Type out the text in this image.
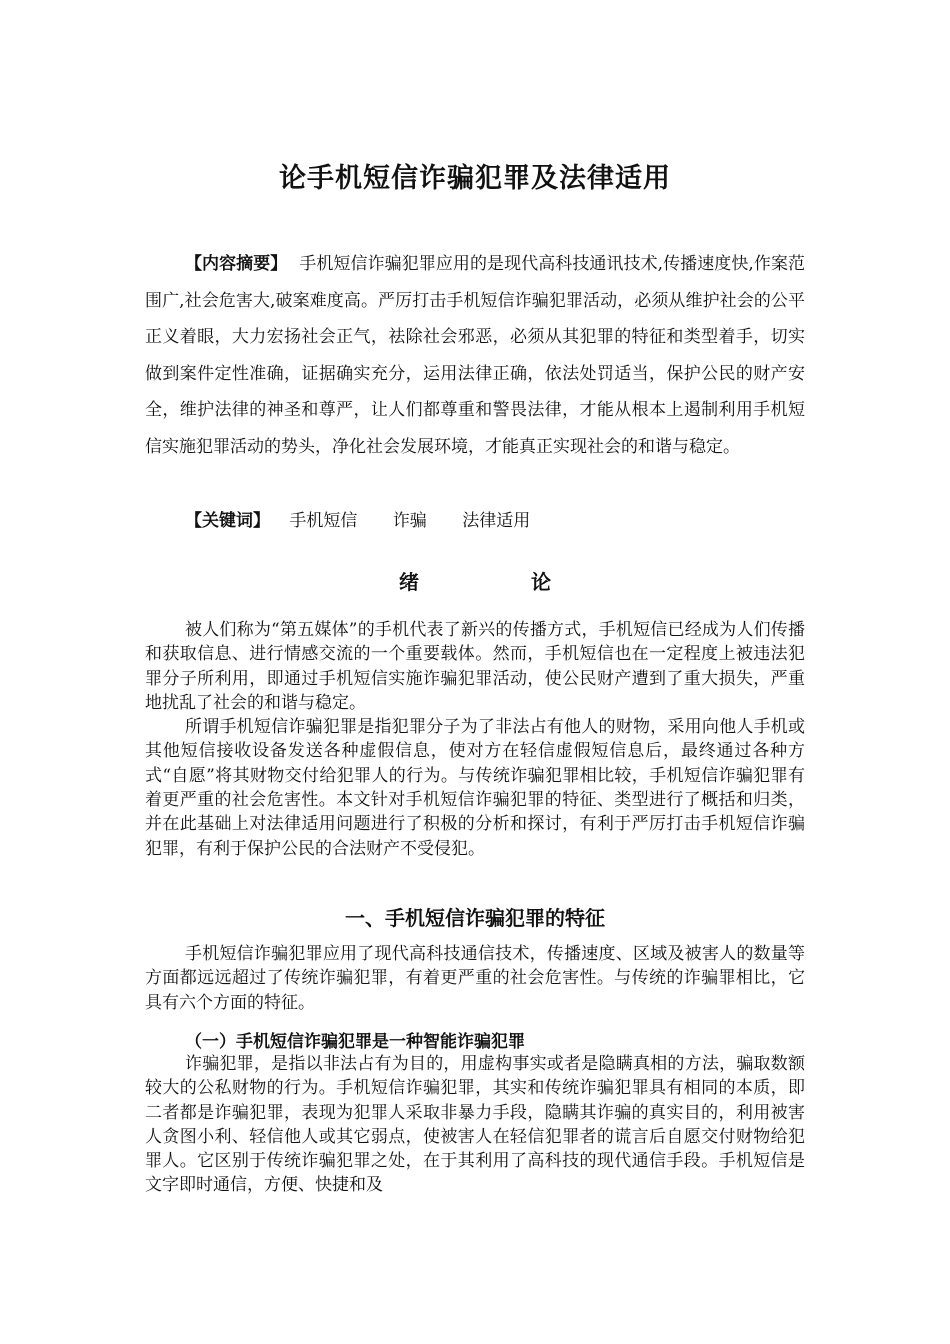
论手机短信诈骗犯罪及法律适用
【内容摘要】 手机短信诈骗犯罪应用的是现代高科技通讯技术,传播速度快,作案范围广,社会危害大,破案难度高。严厉打击手机短信诈骗犯罪活动，必须从维护社会的公平正义着眼，大力宏扬社会正气，祛除社会邪恶，必须从其犯罪的特征和类型着手，切实做到案件定性准确，证据确实充分，运用法律正确，依法处罚适当，保护公民的财产安全，维护法律的神圣和尊严，让人们都尊重和警畏法律，才能从根本上遏制利用手机短信实施犯罪活动的势头，净化社会发展环境，才能真正实现社会的和谐与稳定。
【关键词】 手机短信 诈骗 法律适用
绪	论

被人们称为“第五媒体”的手机代表了新兴的传播方式，手机短信已经成为人们传播和获取信息、进行情感交流的一个重要载体。然而，手机短信也在一定程度上被违法犯罪分子所利用，即通过手机短信实施诈骗犯罪活动，使公民财产遭到了重大损失，严重地扰乱了社会的和谐与稳定。

所谓手机短信诈骗犯罪是指犯罪分子为了非法占有他人的财物，采用向他人手机或其他短信接收设备发送各种虚假信息，使对方在轻信虚假短信息后，最终通过各种方式“自愿”将其财物交付给犯罪人的行为。与传统诈骗犯罪相比较，手机短信诈骗犯罪有着更严重的社会危害性。本文针对手机短信诈骗犯罪的特征、类型进行了概括和归类，并在此基础上对法律适用问题进行了积极的分析和探讨，有利于严厉打击手机短信诈骗犯罪，有利于保护公民的合法财产不受侵犯。

一、手机短信诈骗犯罪的特征

手机短信诈骗犯罪应用了现代高科技通信技术，传播速度、区域及被害人的数量等方面都远远超过了传统诈骗犯罪，有着更严重的社会危害性。与传统的诈骗罪相比，它具有六个方面的特征。

（一）手机短信诈骗犯罪是一种智能诈骗犯罪

诈骗犯罪，是指以非法占有为目的，用虚构事实或者是隐瞒真相的方法，骗取数额较大的公私财物的行为。手机短信诈骗犯罪，其实和传统诈骗犯罪具有相同的本质，即二者都是诈骗犯罪，表现为犯罪人采取非暴力手段，隐瞒其诈骗的真实目的，利用被害人贪图小利、轻信他人或其它弱点，使被害人在轻信犯罪者的谎言后自愿交付财物给犯罪人。它区别于传统诈骗犯罪之处，在于其利用了高科技的现代通信手段。手机短信是文字即时通信，方便、快捷和及
